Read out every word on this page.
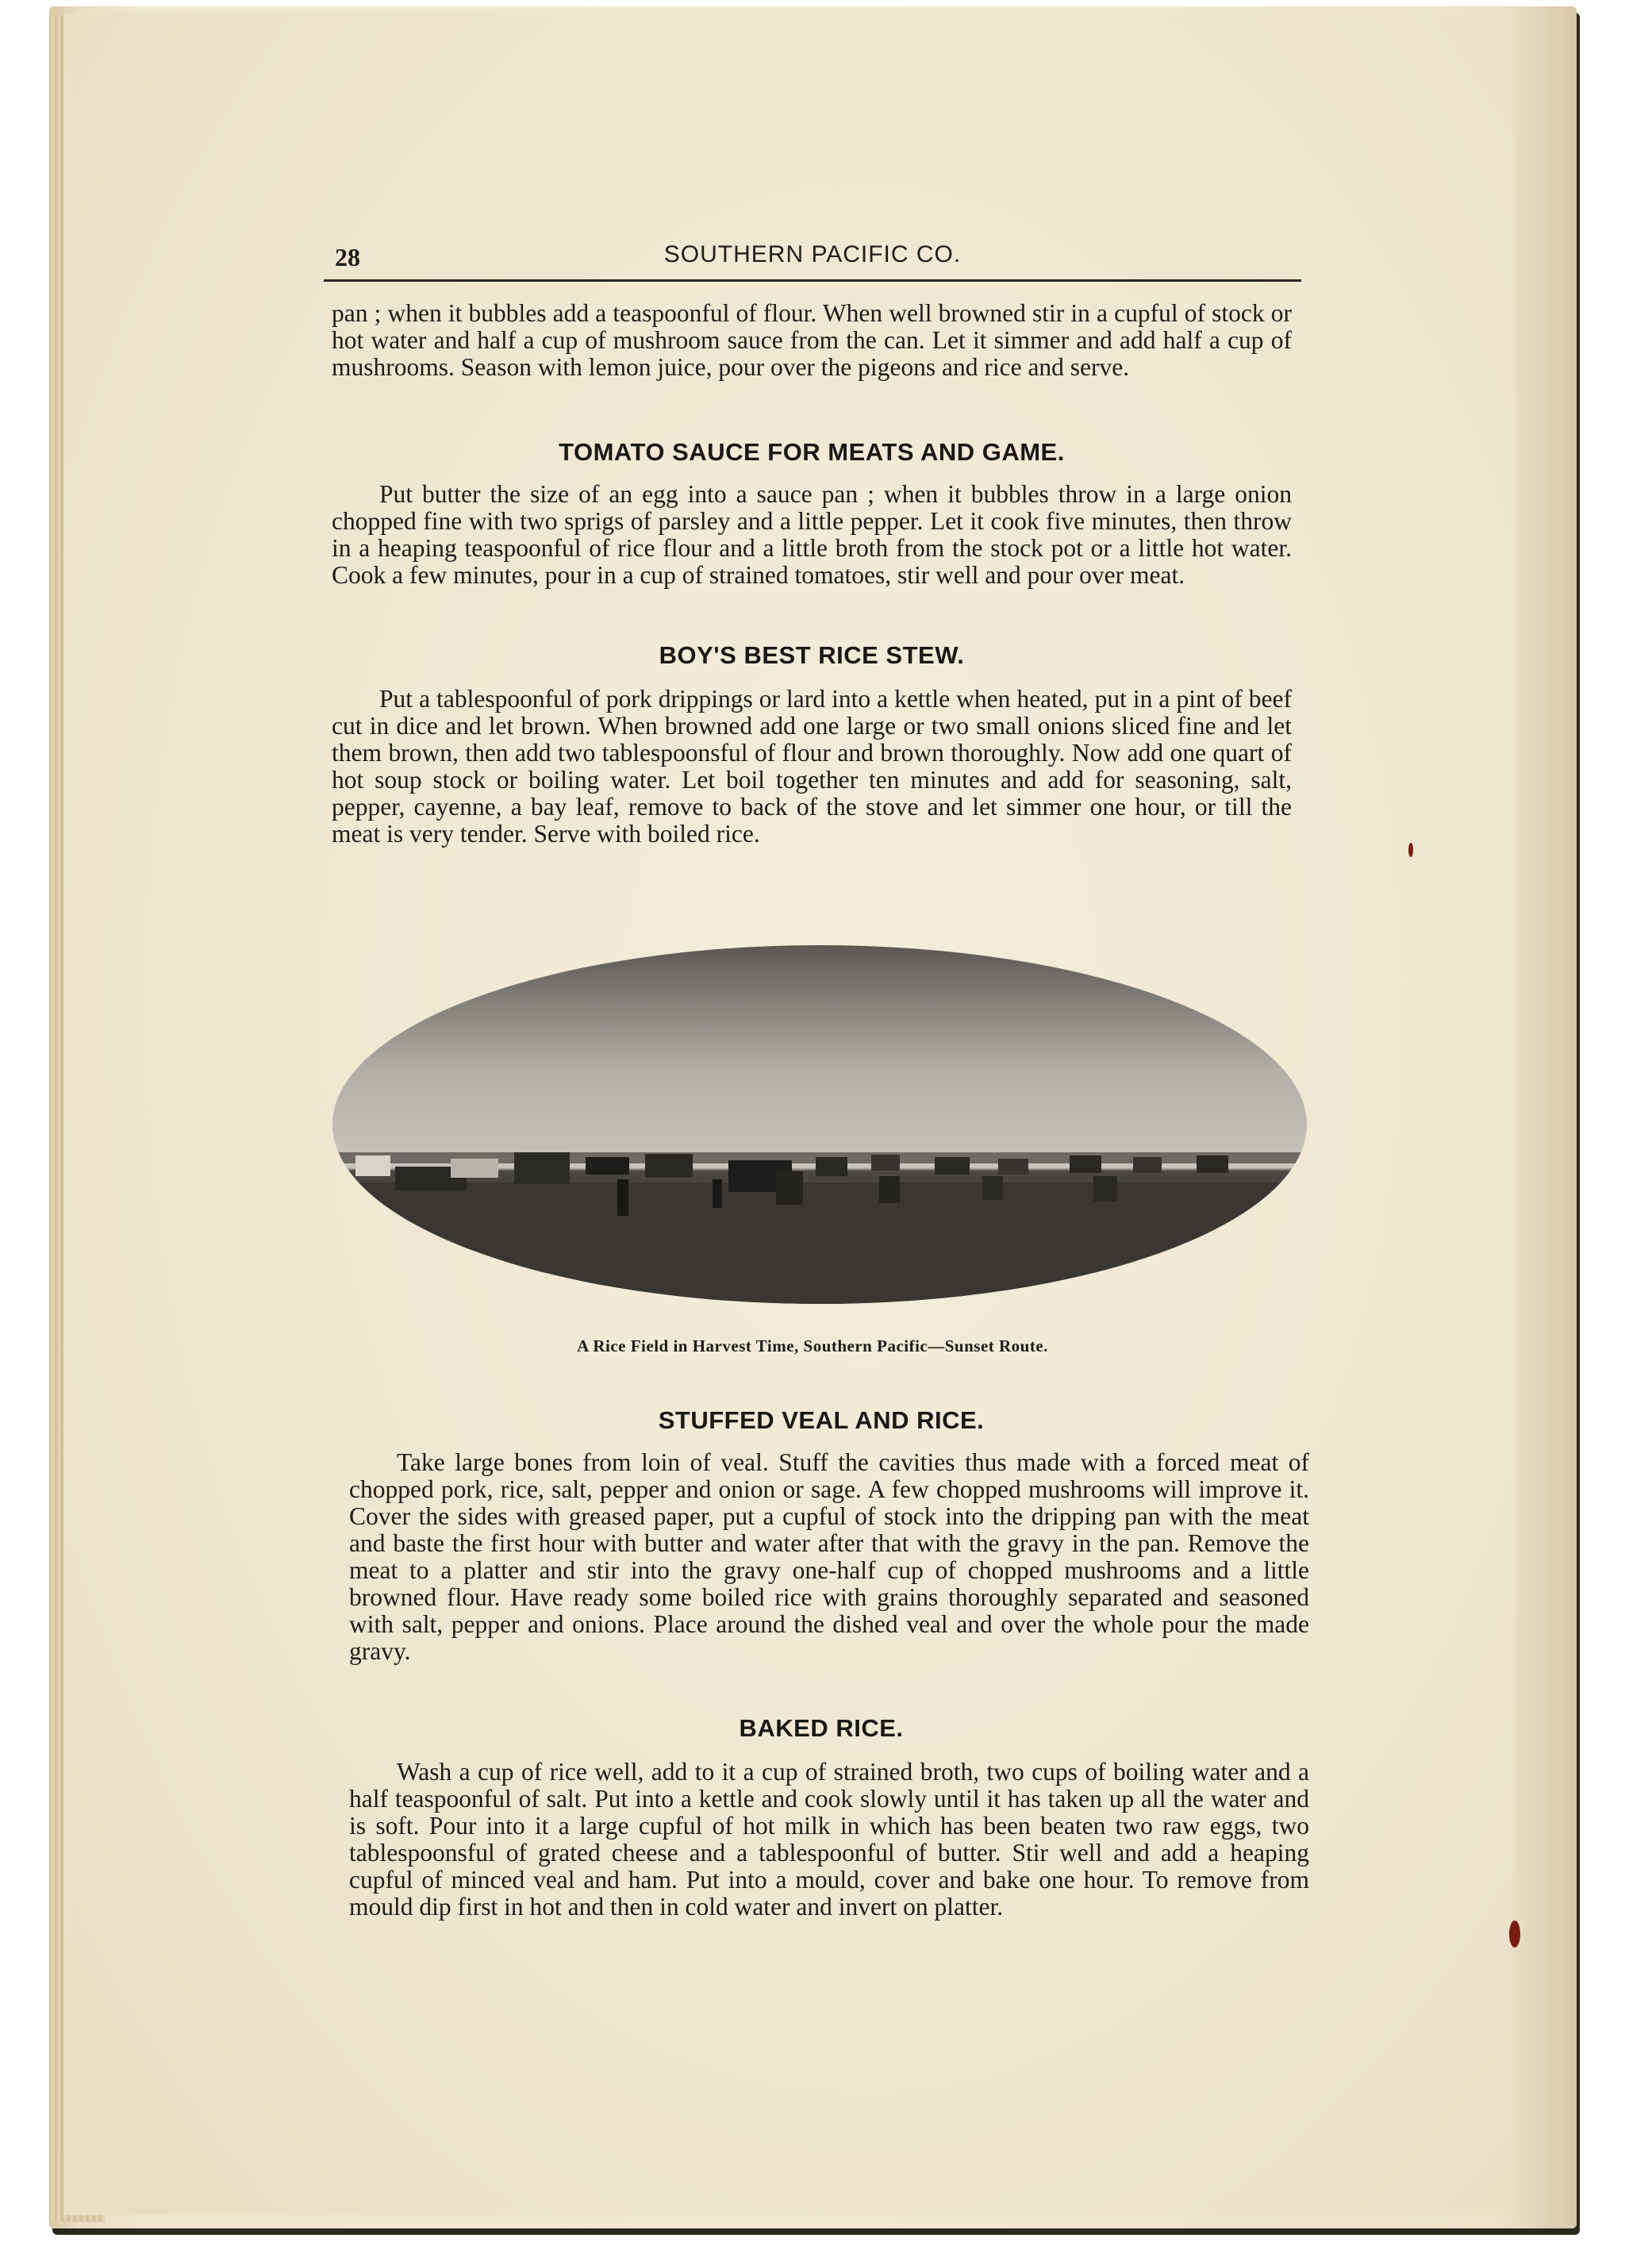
28	SOUTHERN PACIFIC CO.
pan ; when it bubbles add a teaspoonful of flour. When well browned stir in a cupful of stock or hot water and half a cup of mushroom sauce from the can. Let it simmer and add half a cup of mushrooms. Season with lemon juice, pour over the pigeons and rice and serve.
TOMATO SAUCE FOR MEATS AND GAME.
Put butter the size of an egg into a sauce pan ; when it bubbles throw in a large onion chopped fine with two sprigs of parsley and a little pepper. Let it cook five minutes, then throw in a heaping teaspoonful of rice flour and a little broth from the stock pot or a little hot water. Cook a few minutes, pour in a cup of strained tomatoes, stir well and pour over meat.
BOY'S BEST RICE STEW.
Put a tablespoonful of pork drippings or lard into a kettle when heated, put in a pint of beef cut in dice and let brown. When browned add one large or two small onions sliced fine and let them brown, then add two tablespoonsful of flour and brown thoroughly. Now add one quart of hot soup stock or boiling water. Let boil together ten minutes and add for seasoning, salt, pepper, cayenne, a bay leaf, remove to back of the stove and let simmer one hour, or till the meat is very tender. Serve with boiled rice.
A Rice Field in Harvest Time, Southern Pacific—Sunset Route.
STUFFED VEAL AND RICE.
Take large bones from loin of veal. Stuff the cavities thus made with a forced meat of chopped pork, rice, salt, pepper and onion or sage. A few chopped mushrooms will improve it. Cover the sides with greased paper, put a cupful of stock into the dripping pan with the meat and baste the first hour with butter and water after that with the gravy in the pan. Remove the meat to a platter and stir into the gravy one-half cup of chopped mushrooms and a little browned flour. Have ready some boiled rice with grains thoroughly separated and seasoned with salt, pepper and onions. Place around the dished veal and over the whole pour the made gravy.
BAKED RICE.
Wash a cup of rice well, add to it a cup of strained broth, two cups of boiling water and a half teaspoonful of salt. Put into a kettle and cook slowly until it has taken up all the water and is soft. Pour into it a large cupful of hot milk in which has been beaten two raw eggs, two tablespoonsful of grated cheese and a tablespoonful of butter. Stir well and add a heaping cupful of minced veal and ham. Put into a mould, cover and bake one hour. To remove from mould dip first in hot and then in cold water and invert on platter.
